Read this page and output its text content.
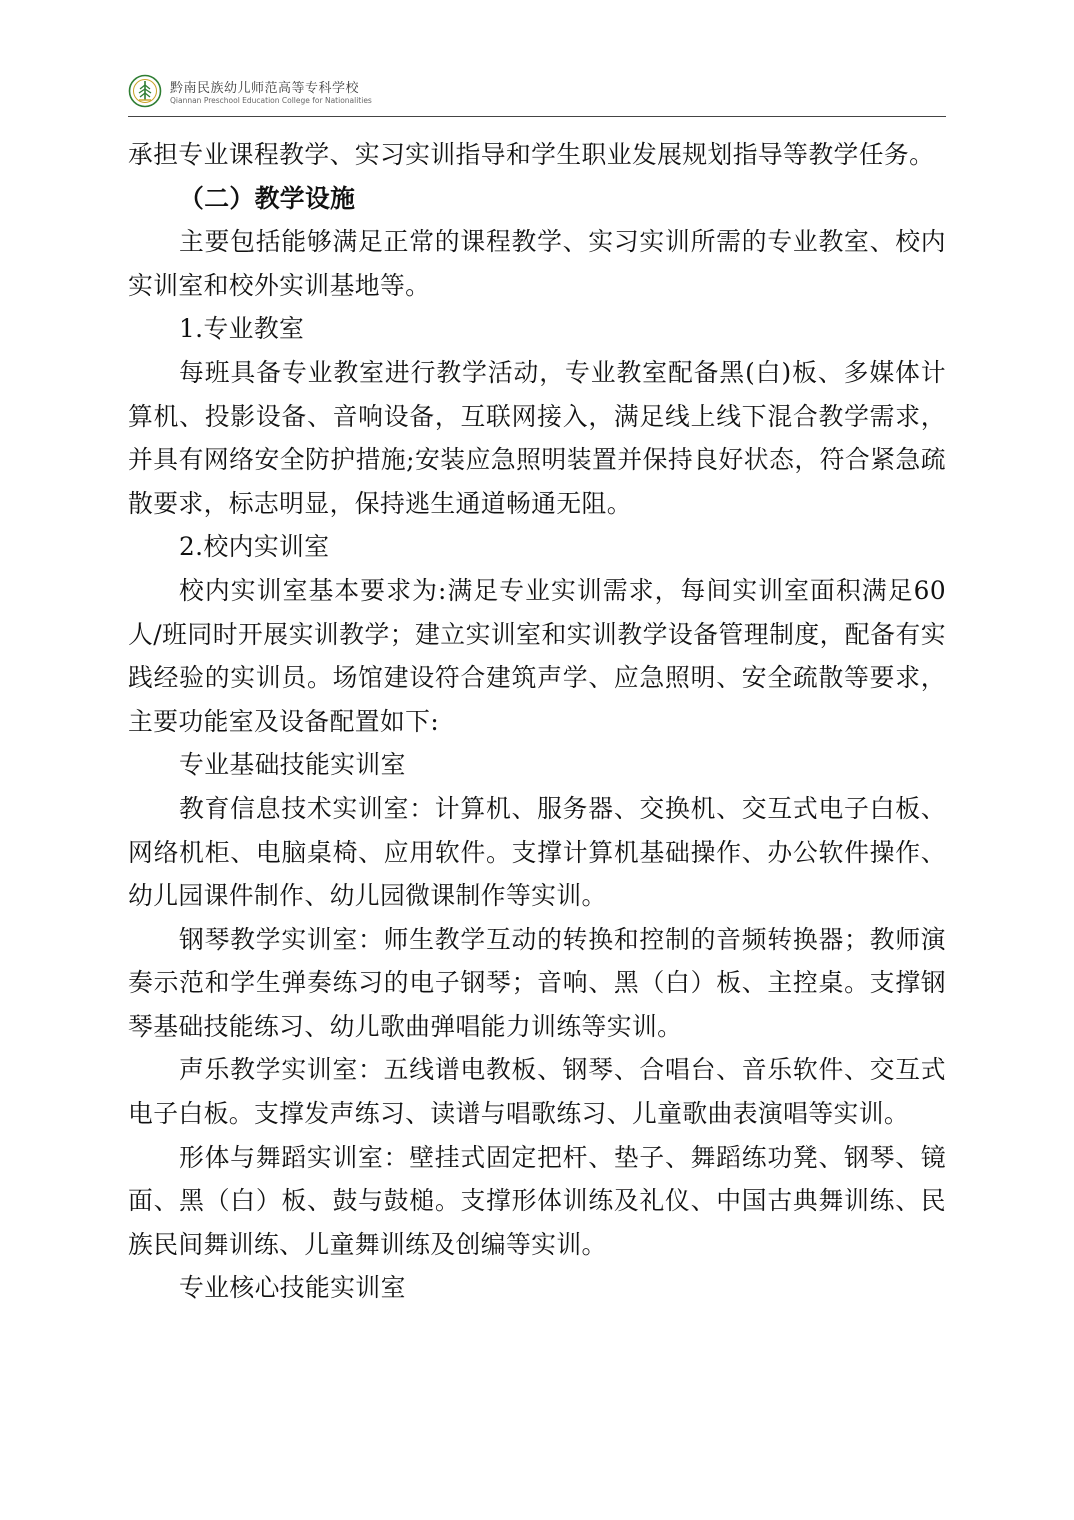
黔南民族幼儿师范高等专科学校
Qiannan Preschool Education College for Nationalities

承担专业课程教学、实习实训指导和学生职业发展规划指导等教学任务。

（二）教学设施

主要包括能够满足正常的课程教学、实习实训所需的专业教室、校内实训室和校外实训基地等。

1.专业教室

每班具备专业教室进行教学活动，专业教室配备黑(白)板、多媒体计算机、投影设备、音响设备，互联网接入，满足线上线下混合教学需求，并具有网络安全防护措施;安装应急照明装置并保持良好状态，符合紧急疏散要求，标志明显，保持逃生通道畅通无阻。

2.校内实训室

校内实训室基本要求为:满足专业实训需求，每间实训室面积满足60人/班同时开展实训教学；建立实训室和实训教学设备管理制度，配备有实践经验的实训员。场馆建设符合建筑声学、应急照明、安全疏散等要求，主要功能室及设备配置如下:

专业基础技能实训室

教育信息技术实训室：计算机、服务器、交换机、交互式电子白板、网络机柜、电脑桌椅、应用软件。支撑计算机基础操作、办公软件操作、幼儿园课件制作、幼儿园微课制作等实训。

钢琴教学实训室：师生教学互动的转换和控制的音频转换器；教师演奏示范和学生弹奏练习的电子钢琴；音响、黑（白）板、主控桌。支撑钢琴基础技能练习、幼儿歌曲弹唱能力训练等实训。

声乐教学实训室：五线谱电教板、钢琴、合唱台、音乐软件、交互式电子白板。支撑发声练习、读谱与唱歌练习、儿童歌曲表演唱等实训。

形体与舞蹈实训室：壁挂式固定把杆、垫子、舞蹈练功凳、钢琴、镜面、黑（白）板、鼓与鼓槌。支撑形体训练及礼仪、中国古典舞训练、民族民间舞训练、儿童舞训练及创编等实训。

专业核心技能实训室
